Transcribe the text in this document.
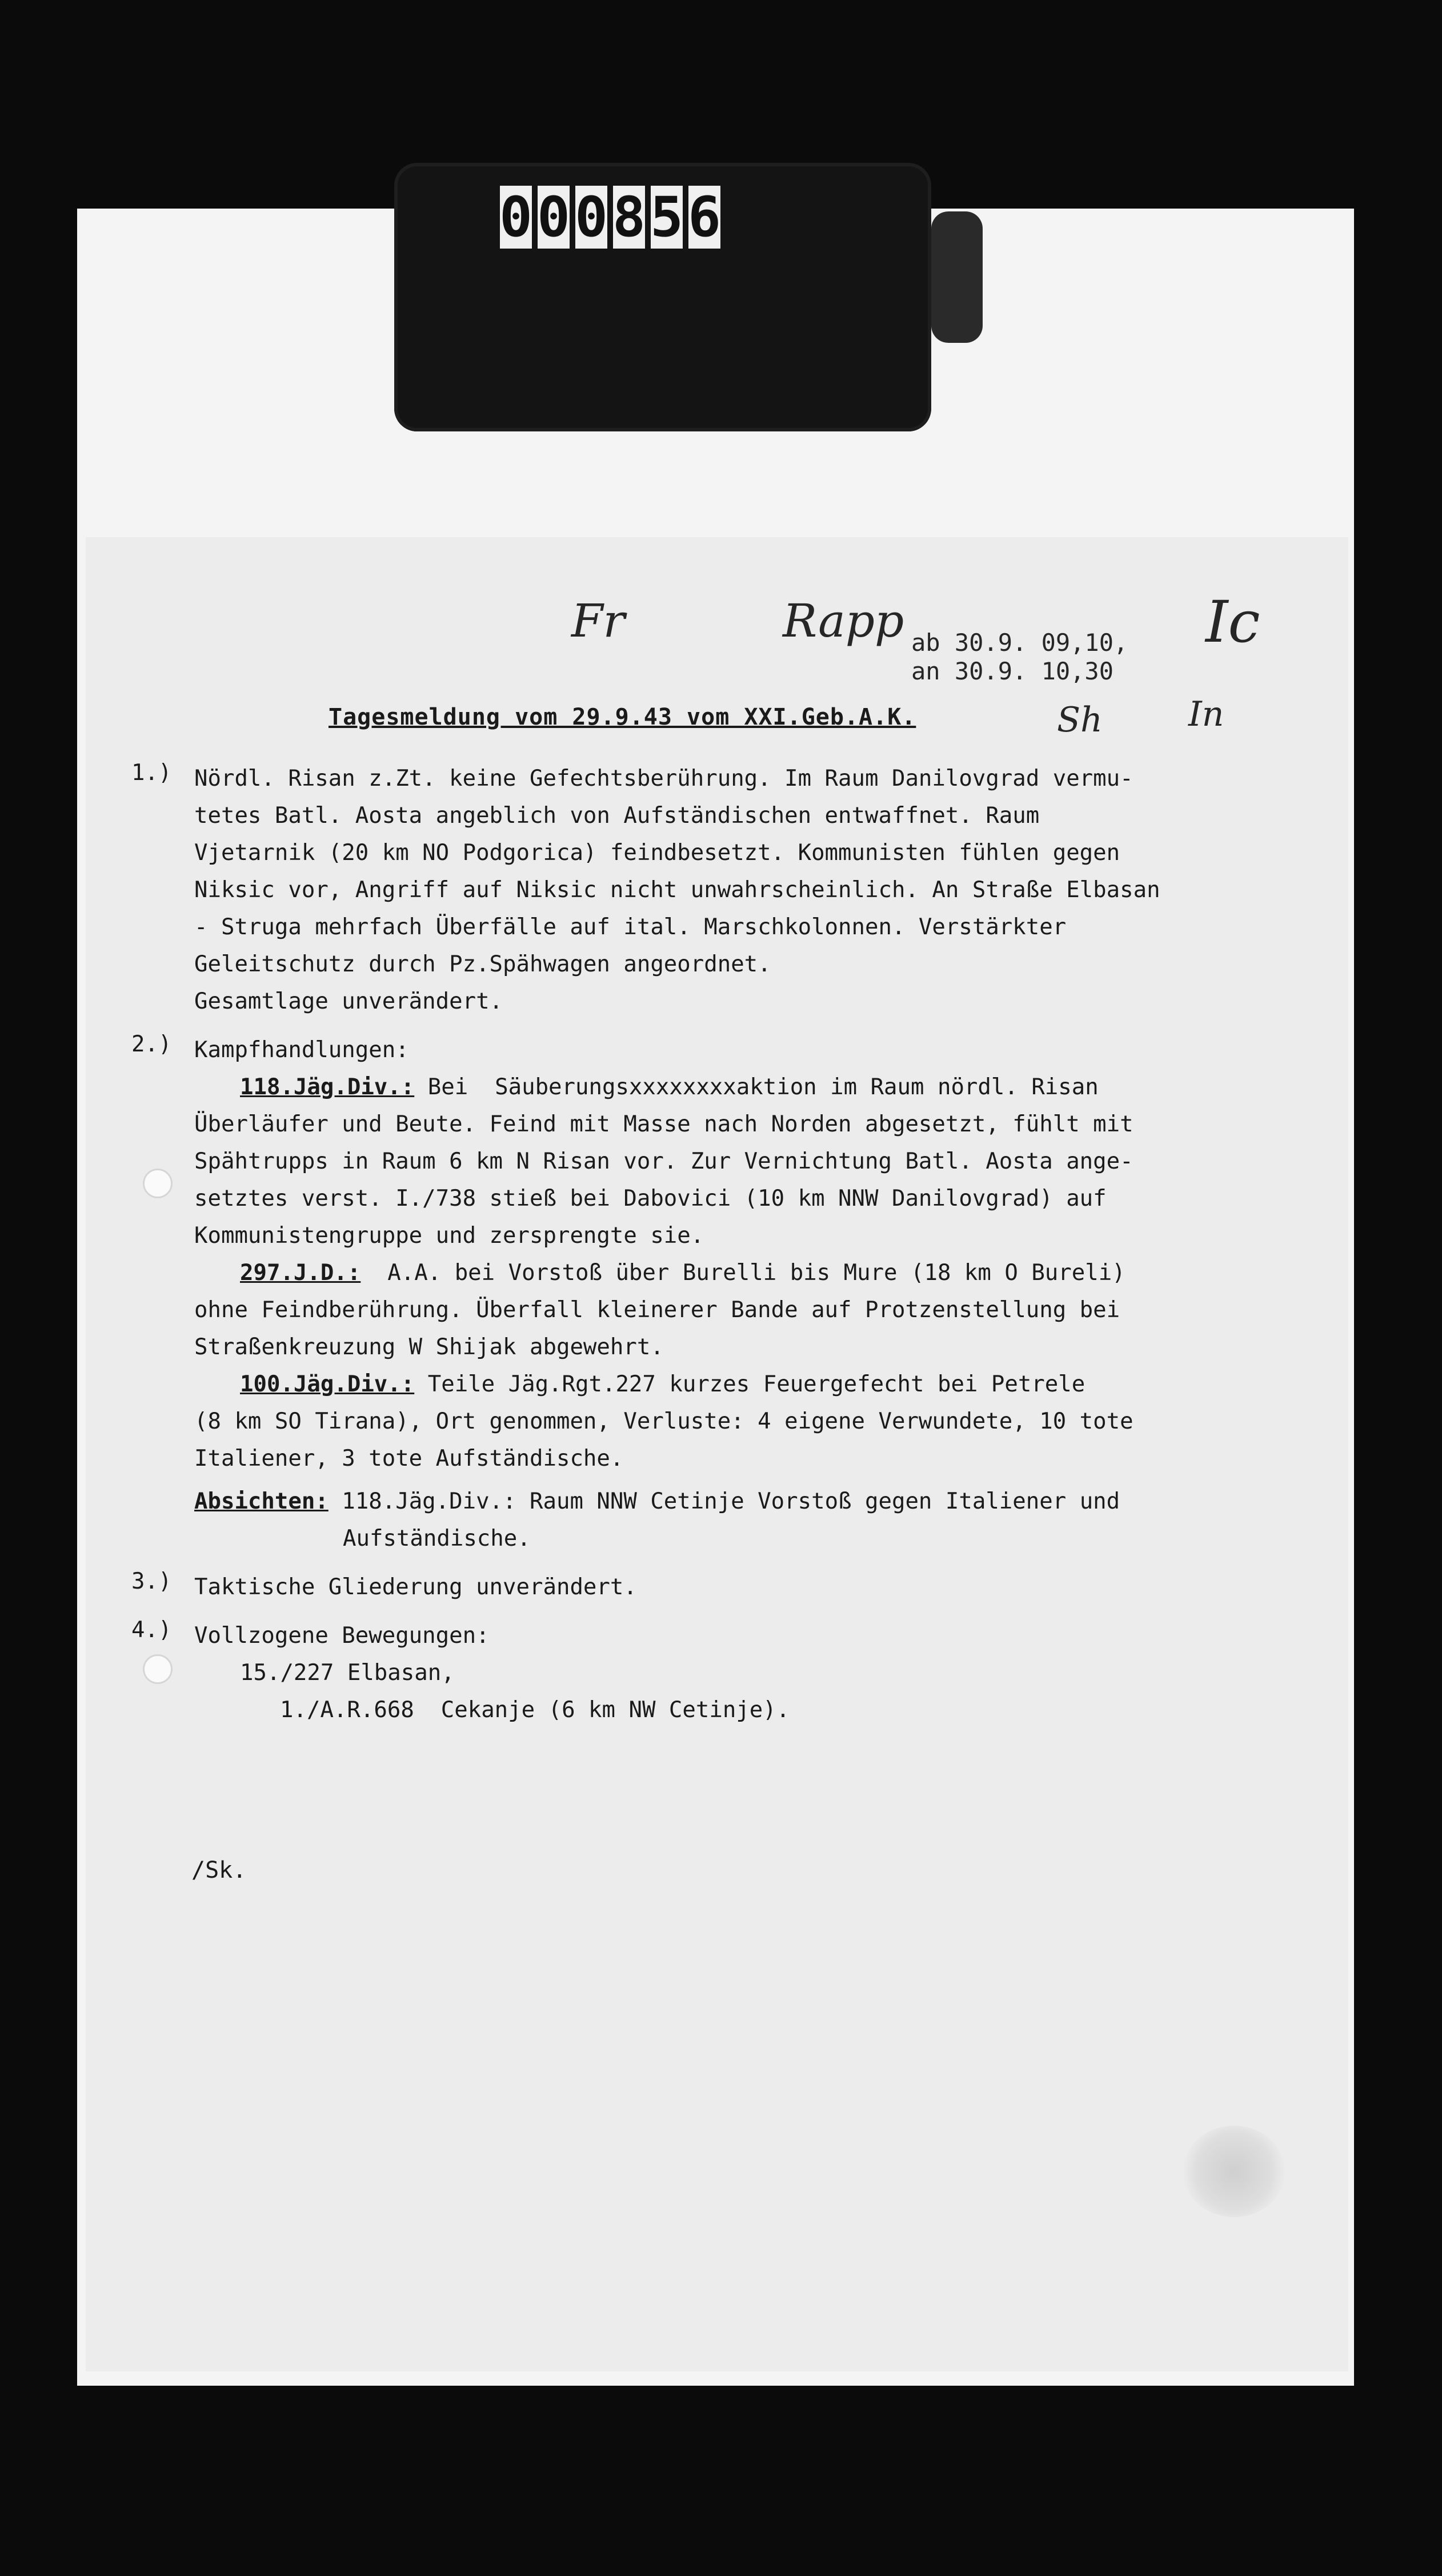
0 0 0 8 5 6
Fr	Rapp	Ic
Sh	In
ab 30.9. 09,10,
an 30.9. 10,30
Tagesmeldung vom 29.9.43 vom XXI.Geb.A.K.
1.)	Nördl. Risan z.Zt. keine Gefechtsberührung. Im Raum Danilovgrad vermu-
tetes Batl. Aosta angeblich von Aufständischen entwaffnet. Raum
Vjetarnik (20 km NO Podgorica) feindbesetzt. Kommunisten fühlen gegen
Niksic vor, Angriff auf Niksic nicht unwahrscheinlich. An Straße Elbasan
- Struga mehrfach Überfälle auf ital. Marschkolonnen. Verstärkter
Geleitschutz durch Pz.Spähwagen angeordnet.
Gesamtlage unverändert.
2.)	Kampfhandlungen:
118.Jäg.Div.: Bei  Säuberungsxxxxxxxxaktion im Raum nördl. Risan
Überläufer und Beute. Feind mit Masse nach Norden abgesetzt, fühlt mit
Spähtrupps in Raum 6 km N Risan vor. Zur Vernichtung Batl. Aosta ange-
setztes verst. I./738 stieß bei Dabovici (10 km NNW Danilovgrad) auf
Kommunistengruppe und zersprengte sie.
297.J.D.:  A.A. bei Vorstoß über Burelli bis Mure (18 km O Bureli)
ohne Feindberührung. Überfall kleinerer Bande auf Protzenstellung bei
Straßenkreuzung W Shijak abgewehrt.
100.Jäg.Div.: Teile Jäg.Rgt.227 kurzes Feuergefecht bei Petrele
(8 km SO Tirana), Ort genommen, Verluste: 4 eigene Verwundete, 10 tote
Italiener, 3 tote Aufständische.
Absichten: 118.Jäg.Div.: Raum NNW Cetinje Vorstoß gegen Italiener und
Aufständische.
3.)	Taktische Gliederung unverändert.
4.)	Vollzogene Bewegungen:
15./227 Elbasan,
1./A.R.668  Cekanje (6 km NW Cetinje).
/Sk.
